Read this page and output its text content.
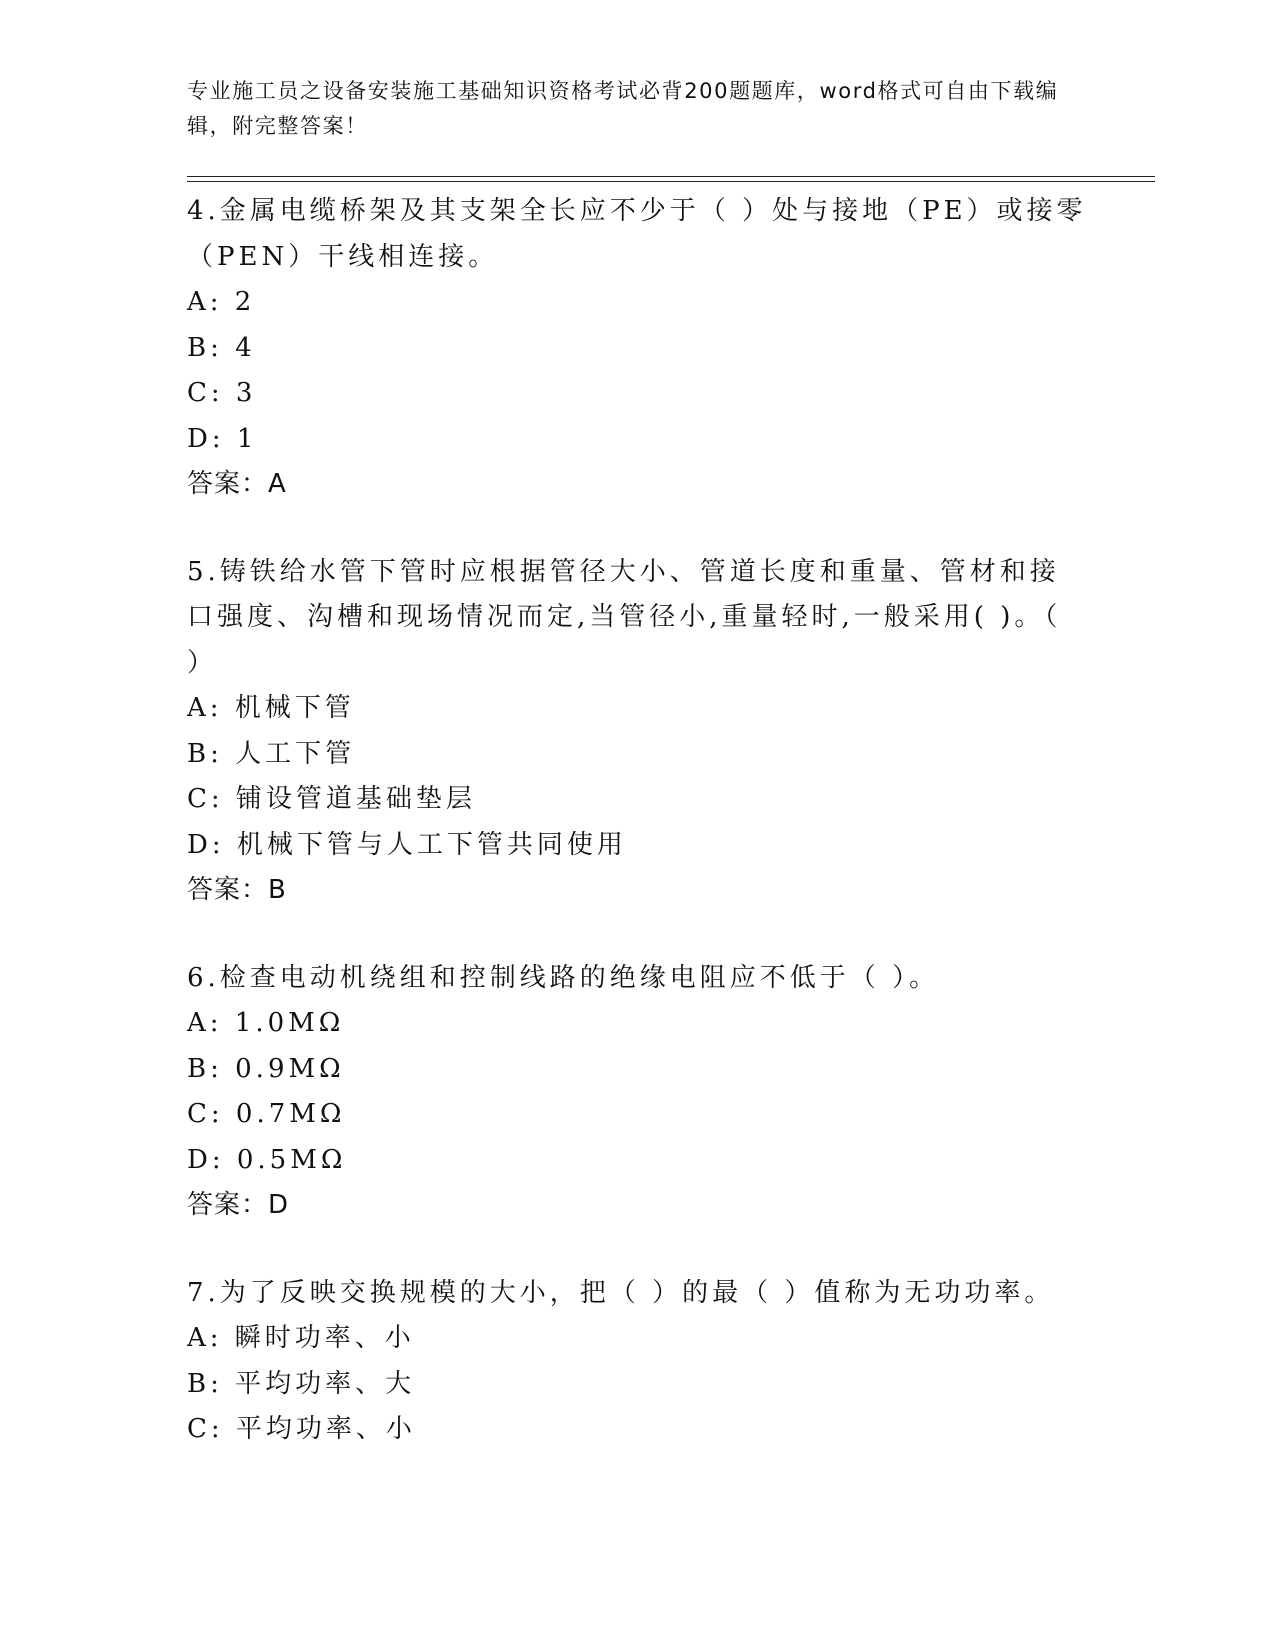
专业施工员之设备安装施工基础知识资格考试必背200题题库，word格式可自由下载编辑，附完整答案！

4.金属电缆桥架及其支架全长应不少于（ ）处与接地（PE）或接零（PEN）干线相连接。

A: 2

B: 4

C: 3

D: 1

答案：A

5.铸铁给水管下管时应根据管径大小、管道长度和重量、管材和接口强度、沟槽和现场情况而定,当管径小,重量轻时,一般采用( )。（ ）

A: 机械下管

B: 人工下管

C: 铺设管道基础垫层

D: 机械下管与人工下管共同使用

答案：B

6.检查电动机绕组和控制线路的绝缘电阻应不低于（ ）。

A: 1.0MΩ

B: 0.9MΩ

C: 0.7MΩ

D: 0.5MΩ

答案：D

7.为了反映交换规模的大小，把（ ）的最（ ）值称为无功功率。

A: 瞬时功率、小

B: 平均功率、大

C: 平均功率、小
